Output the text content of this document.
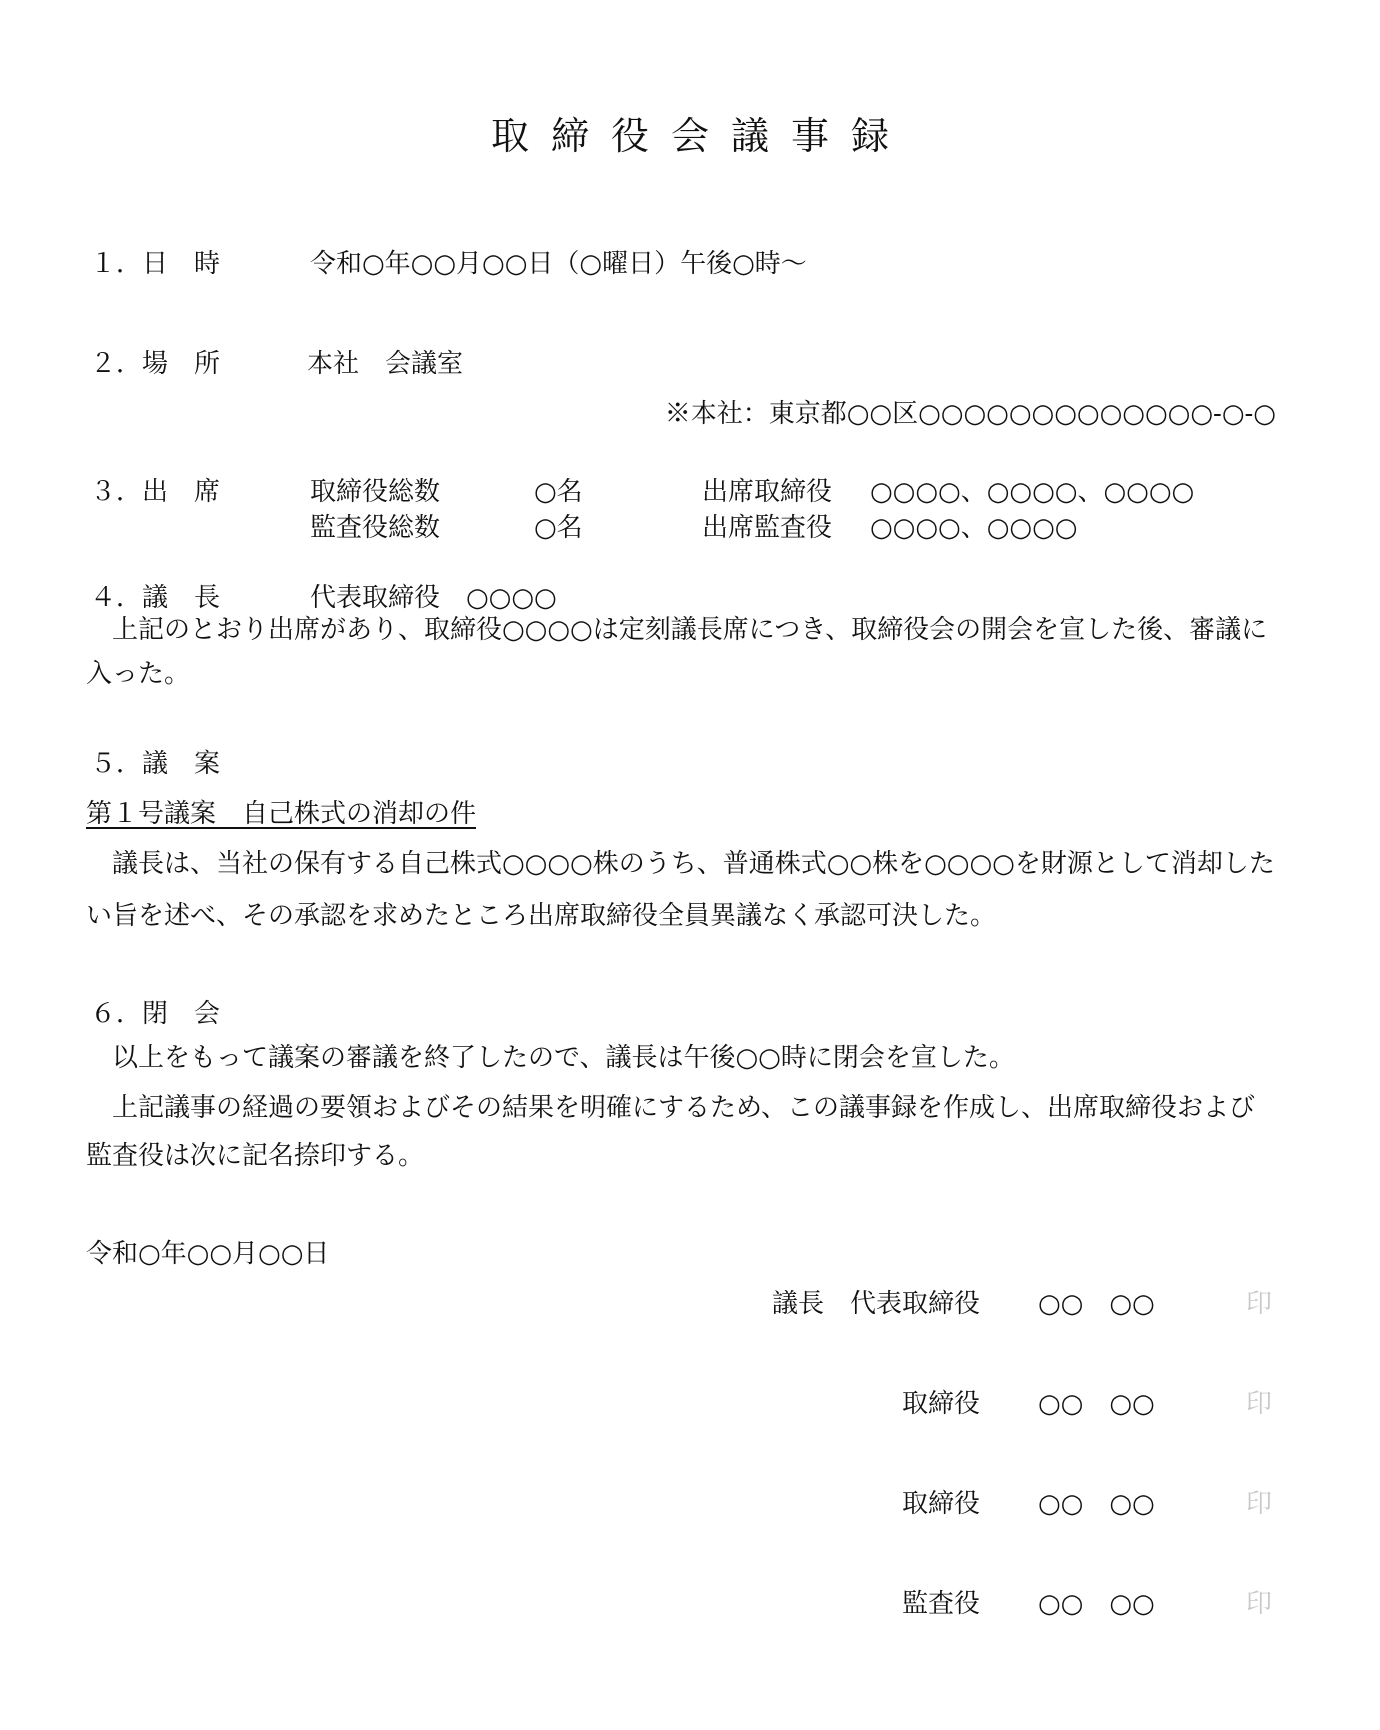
取締役会議事録
１．日　時	令和○年○○月○○日（○曜日）午後○時～
２．場　所	本社　会議室
※本社：東京都○○区○○○○○○○○○○○○○-○-○
３．出　席	取締役総数	○名	出席取締役 ○○○○、○○○○、○○○○
監査役総数	○名	出席監査役 ○○○○、○○○○
４．議　長	代表取締役　○○○○
上記のとおり出席があり、取締役○○○○は定刻議長席につき、取締役会の開会を宣した後、審議に入った。
５．議　案
第１号議案　自己株式の消却の件
議長は、当社の保有する自己株式○○○○株のうち、普通株式○○株を○○○○を財源として消却したい旨を述べ、その承認を求めたところ出席取締役全員異議なく承認可決した。
６．閉　会
以上をもって議案の審議を終了したので、議長は午後○○時に閉会を宣した。
上記議事の経過の要領およびその結果を明確にするため、この議事録を作成し、出席取締役および監査役は次に記名捺印する。
令和○年○○月○○日
議長　代表取締役 ○○　○○	印
取締役 ○○　○○	印
取締役 ○○　○○	印
監査役 ○○　○○	印
